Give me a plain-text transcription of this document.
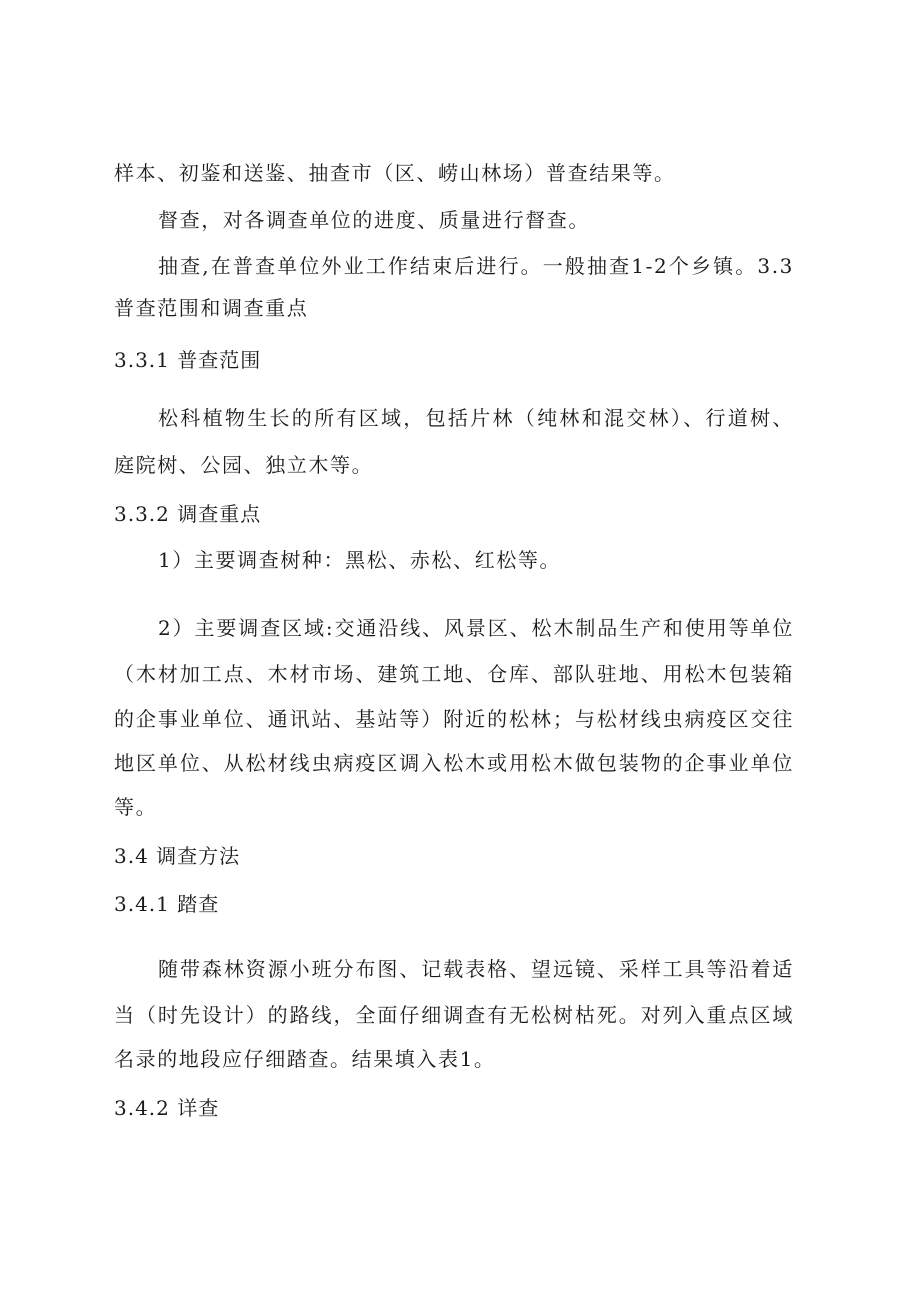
样本、初鉴和送鉴、抽查市（区、崂山林场）普查结果等。
督查，对各调查单位的进度、质量进行督查。
抽查,在普查单位外业工作结束后进行。一般抽查1-2个乡镇。3.3
普查范围和调查重点
3.3.1 普查范围
松科植物生长的所有区域，包括片林（纯林和混交林）、行道树、
庭院树、公园、独立木等。
3.3.2 调查重点
1）主要调查树种：黑松、赤松、红松等。
2）主要调查区域:交通沿线、风景区、松木制品生产和使用等单位
（木材加工点、木材市场、建筑工地、仓库、部队驻地、用松木包装箱
的企事业单位、通讯站、基站等）附近的松林；与松材线虫病疫区交往
地区单位、从松材线虫病疫区调入松木或用松木做包装物的企事业单位
等。
3.4 调查方法
3.4.1 踏查
随带森林资源小班分布图、记载表格、望远镜、采样工具等沿着适
当（时先设计）的路线，全面仔细调查有无松树枯死。对列入重点区域
名录的地段应仔细踏查。结果填入表1。
3.4.2 详查
